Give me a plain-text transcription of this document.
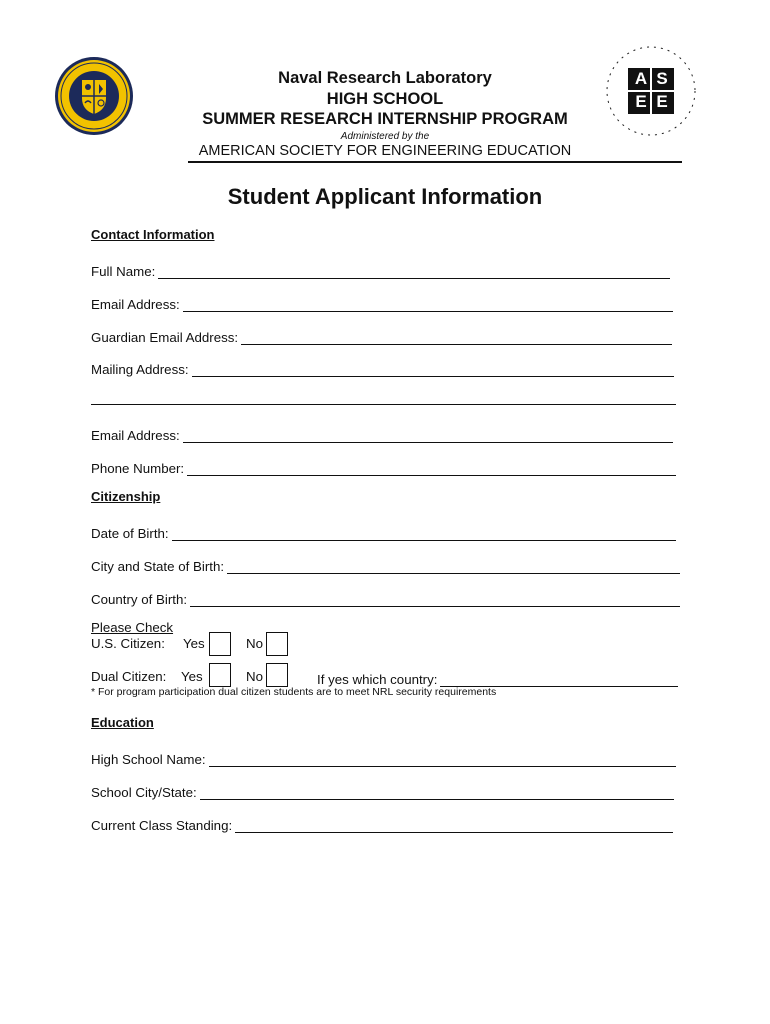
A S
E E
Naval Research Laboratory
HIGH SCHOOL
SUMMER RESEARCH INTERNSHIP PROGRAM
Administered by the
AMERICAN SOCIETY FOR ENGINEERING EDUCATION
Student Applicant Information
Contact Information
Full Name:
Email Address:
Guardian Email Address:
Mailing Address:
Email Address:
Phone Number:
Citizenship
Date of Birth:
City and State of Birth:
Country of Birth:
Please Check
U.S. Citizen: Yes	No
Dual Citizen: Yes	No	If yes which country:
* For program participation dual citizen students are to meet NRL security requirements
Education
High School Name:
School City/State:
Current Class Standing:
